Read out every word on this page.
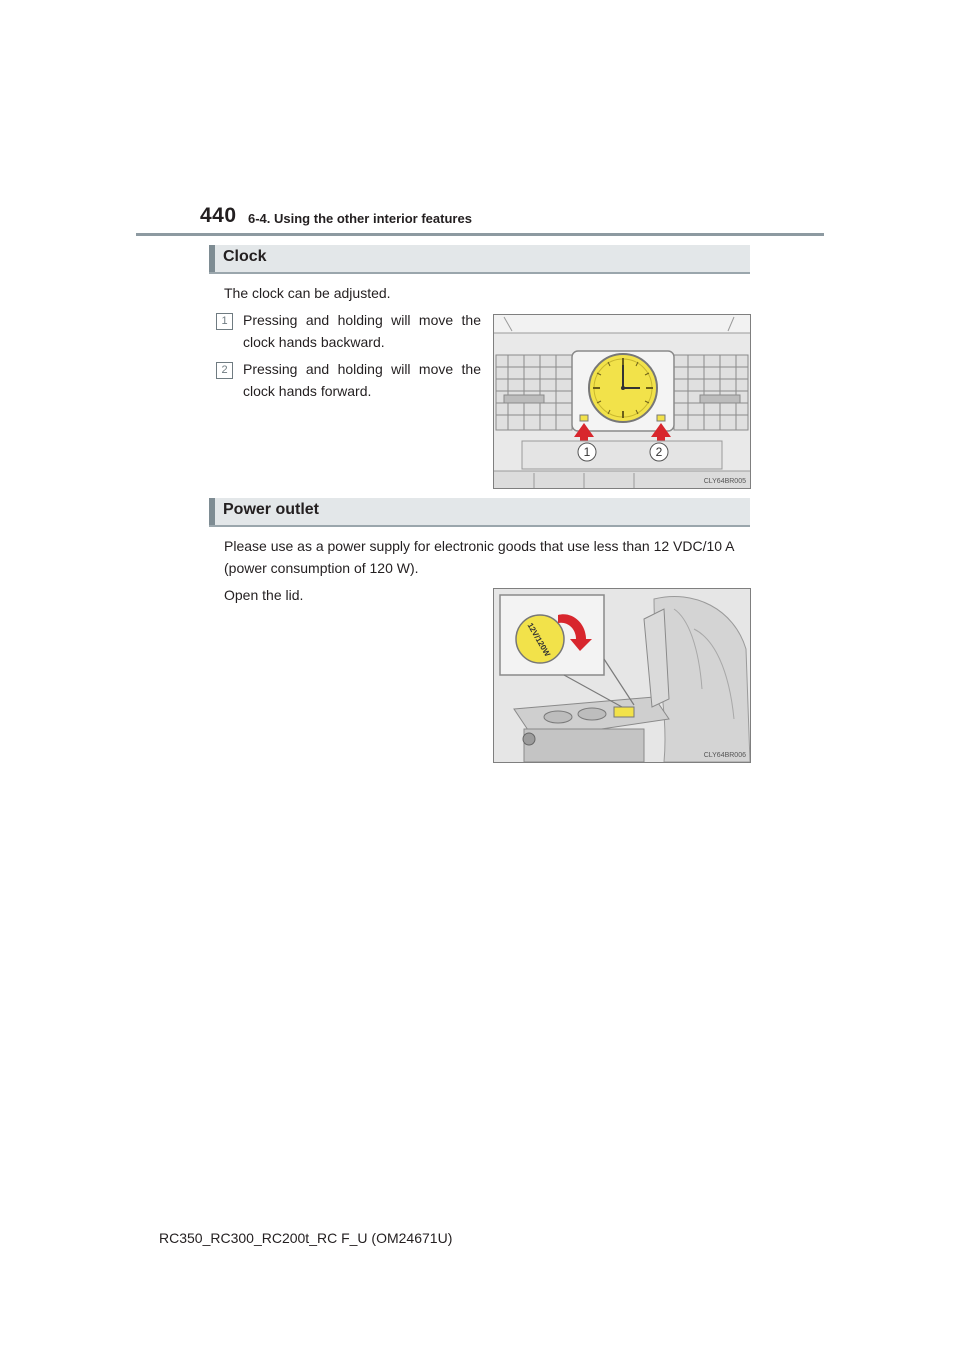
440 6-4. Using the other interior features
Clock
The clock can be adjusted.
1	Pressing and holding will move the clock hands backward.
2	Pressing and holding will move the clock hands forward.
1	2
CLY64BR005
Power outlet
Please use as a power supply for electronic goods that use less than 12 VDC/10 A (power consumption of 120 W).
Open the lid.
12V/120W
CLY64BR006
RC350_RC300_RC200t_RC F_U (OM24671U)
